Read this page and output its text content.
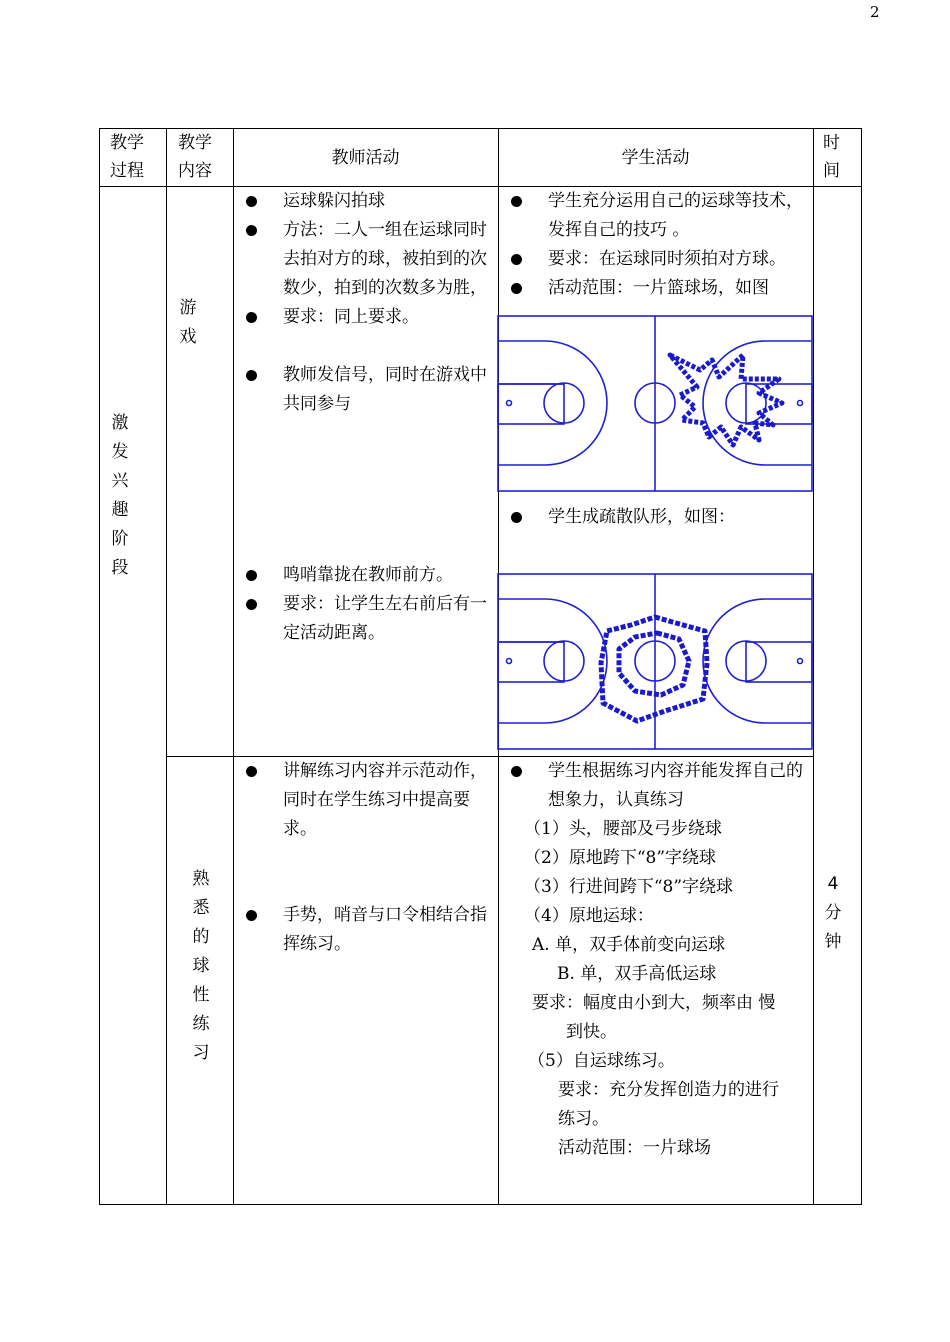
2
教学
过程
教学
内容
教师活动	学生活动
时
间
激
发
兴
趣
阶
段
游
戏
运球躲闪拍球
方法：二人一组在运球同时去拍对方的球，被拍到的次数少，拍到的次数多为胜，
要求：同上要求。
教师发信号，同时在游戏中共同参与
鸣哨靠拢在教师前方。
要求：让学生左右前后有一定活动距离。
学生充分运用自己的运球等技术，发挥自己的技巧 。
要求：在运球同时须拍对方球。
活动范围：一片篮球场，如图
学生成疏散队形，如图：
熟
悉
的
球
性
练
习
讲解练习内容并示范动作，同时在学生练习中提高要求。
手势，哨音与口令相结合指挥练习。
学生根据练习内容并能发挥自己的想象力，认真练习
（1）头，腰部及弓步绕球
（2）原地跨下“8”字绕球
（3）行进间跨下“8”字绕球
（4）原地运球：
A. 单，双手体前变向运球
B. 单，双手高低运球
要求：幅度由小到大，频率由 慢
到快。
（5）自运球练习。
要求：充分发挥创造力的进行
练习。
活动范围：一片球场
4
分
钟
